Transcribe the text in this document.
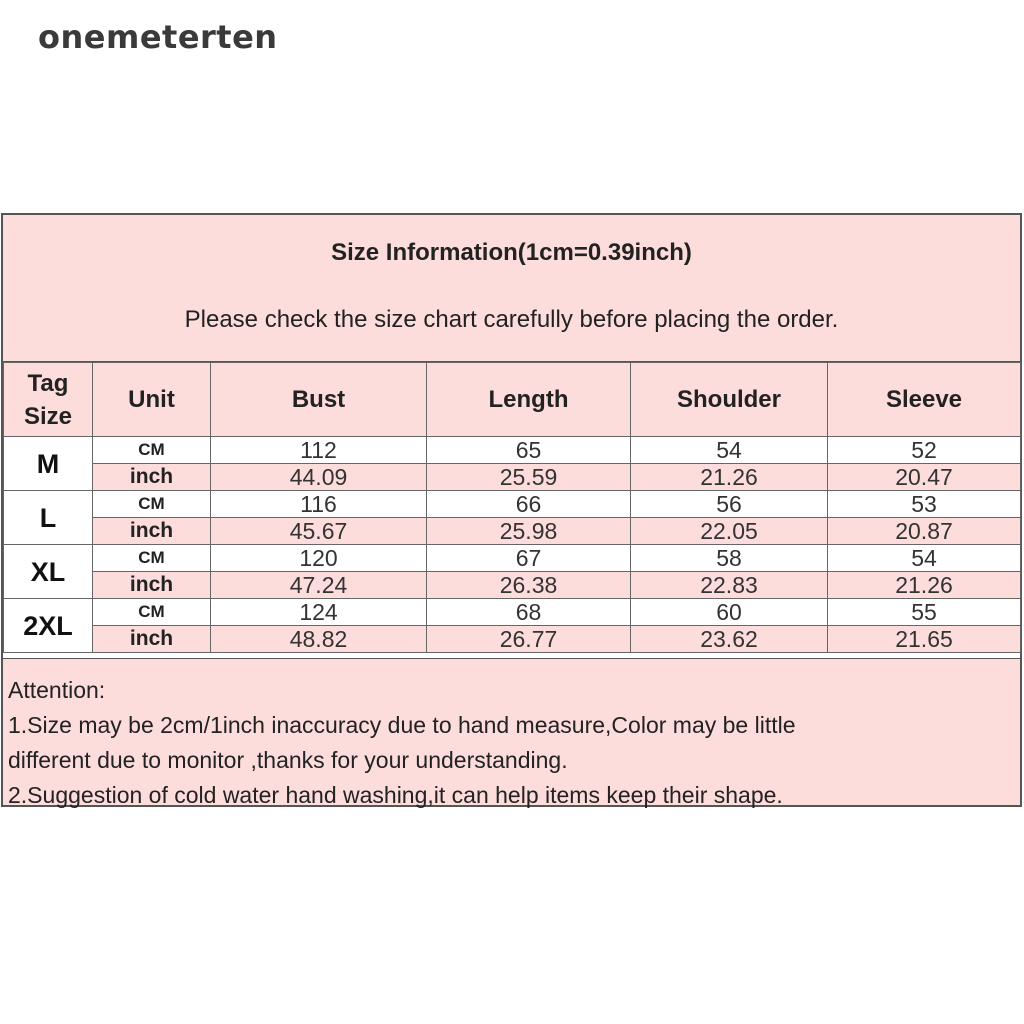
onemeterten
Size Information(1cm=0.39inch)
Please check the size chart carefully before placing the order.
Tag Size	Unit	Bust	Length	Shoulder	Sleeve
M	CM	112	65	54	52
	inch	44.09	25.59	21.26	20.47
L	CM	116	66	56	53
	inch	45.67	25.98	22.05	20.87
XL	CM	120	67	58	54
	inch	47.24	26.38	22.83	21.26
2XL	CM	124	68	60	55
	inch	48.82	26.77	23.62	21.65
Attention:
1.Size may be 2cm/1inch inaccuracy due to hand measure,Color may be little
different due to monitor ,thanks for your understanding.
2.Suggestion of cold water hand washing,it can help items keep their shape.
